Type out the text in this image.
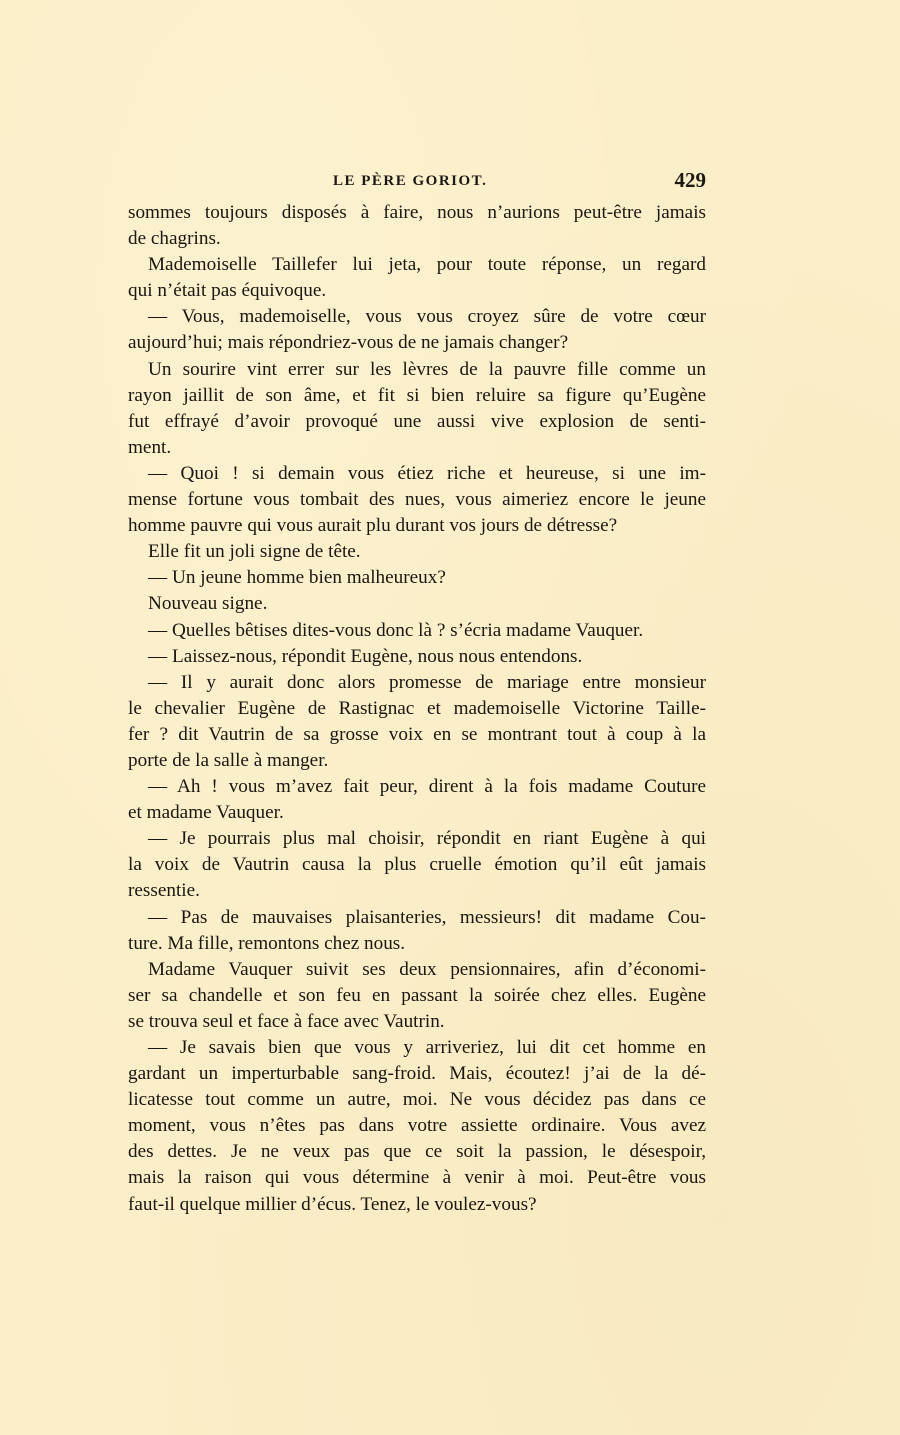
LE PÈRE GORIOT.	429
sommes toujours disposés à faire, nous n’aurions peut-être jamais
de chagrins.
Mademoiselle Taillefer lui jeta, pour toute réponse, un regard
qui n’était pas équivoque.
— Vous, mademoiselle, vous vous croyez sûre de votre cœur
aujourd’hui; mais répondriez-vous de ne jamais changer?
Un sourire vint errer sur les lèvres de la pauvre fille comme un
rayon jaillit de son âme, et fit si bien reluire sa figure qu’Eugène
fut effrayé d’avoir provoqué une aussi vive explosion de senti-
ment.
— Quoi ! si demain vous étiez riche et heureuse, si une im-
mense fortune vous tombait des nues, vous aimeriez encore le jeune
homme pauvre qui vous aurait plu durant vos jours de détresse?
Elle fit un joli signe de tête.
— Un jeune homme bien malheureux?
Nouveau signe.
— Quelles bêtises dites-vous donc là ? s’écria madame Vauquer.
— Laissez-nous, répondit Eugène, nous nous entendons.
— Il y aurait donc alors promesse de mariage entre monsieur
le chevalier Eugène de Rastignac et mademoiselle Victorine Taille-
fer ? dit Vautrin de sa grosse voix en se montrant tout à coup à la
porte de la salle à manger.
— Ah ! vous m’avez fait peur, dirent à la fois madame Couture
et madame Vauquer.
— Je pourrais plus mal choisir, répondit en riant Eugène à qui
la voix de Vautrin causa la plus cruelle émotion qu’il eût jamais
ressentie.
— Pas de mauvaises plaisanteries, messieurs! dit madame Cou-
ture. Ma fille, remontons chez nous.
Madame Vauquer suivit ses deux pensionnaires, afin d’économi-
ser sa chandelle et son feu en passant la soirée chez elles. Eugène
se trouva seul et face à face avec Vautrin.
— Je savais bien que vous y arriveriez, lui dit cet homme en
gardant un imperturbable sang-froid. Mais, écoutez! j’ai de la dé-
licatesse tout comme un autre, moi. Ne vous décidez pas dans ce
moment, vous n’êtes pas dans votre assiette ordinaire. Vous avez
des dettes. Je ne veux pas que ce soit la passion, le désespoir,
mais la raison qui vous détermine à venir à moi. Peut-être vous
faut-il quelque millier d’écus. Tenez, le voulez-vous?
